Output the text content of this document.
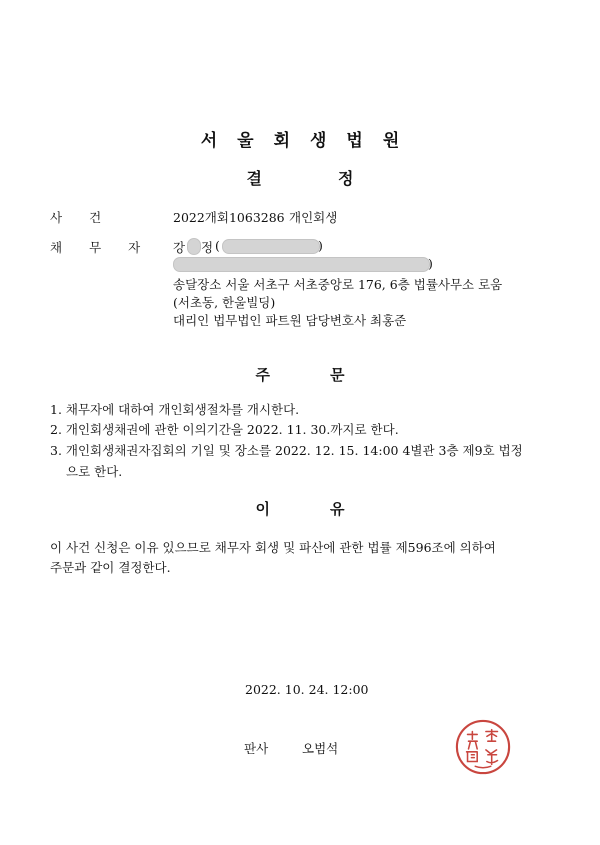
서울회생법원
결정
사건	2022개회1063286 개인회생
채무자 강 정 (	)
)
송달장소 서울 서초구 서초중앙로 176, 6층 법률사무소 로움
(서초동, 한울빌딩)
대리인 법무법인 파트원 담당변호사 최홍준
주문
1. 채무자에 대하여 개인회생절차를 개시한다.
2. 개인회생채권에 관한 이의기간을 2022. 11. 30.까지로 한다.
3. 개인회생채권자집회의 기일 및 장소를 2022. 12. 15. 14:00 4별관 3층 제9호 법정
으로 한다.
이유
이 사건 신청은 이유 있으므로 채무자 회생 및 파산에 관한 법률 제596조에 의하여
주문과 같이 결정한다.
2022. 10. 24. 12:00
판사	오범석
